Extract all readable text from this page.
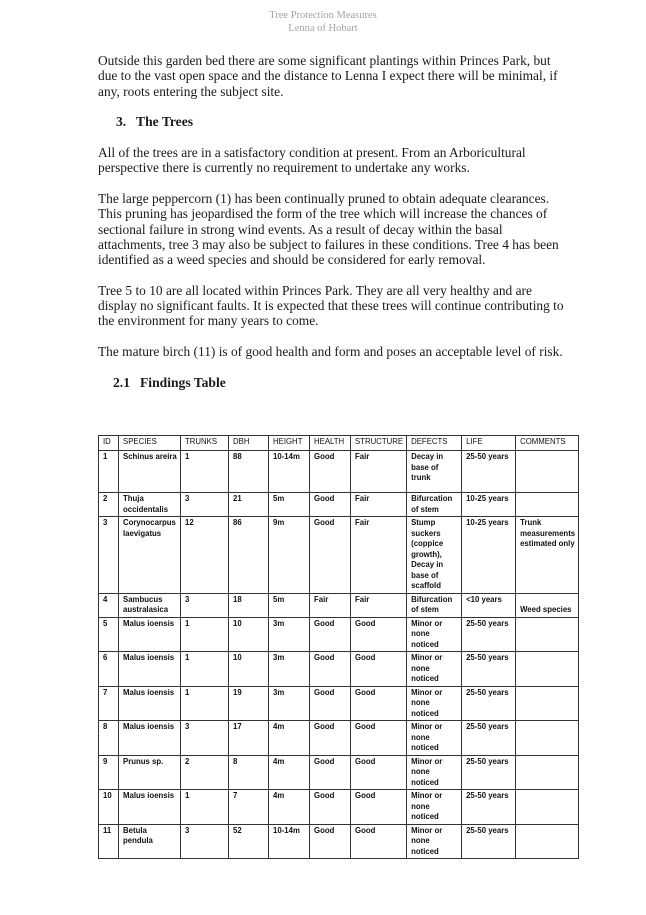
Tree Protection Measures
Lenna of Hobart

Outside this garden bed there are some significant plantings within Princes Park, but due to the vast open space and the distance to Lenna I expect there will be minimal, if any, roots entering the subject site.

3. The Trees

All of the trees are in a satisfactory condition at present. From an Arboricultural perspective there is currently no requirement to undertake any works.

The large peppercorn (1) has been continually pruned to obtain adequate clearances. This pruning has jeopardised the form of the tree which will increase the chances of sectional failure in strong wind events. As a result of decay within the basal attachments, tree 3 may also be subject to failures in these conditions. Tree 4 has been identified as a weed species and should be considered for early removal.

Tree 5 to 10 are all located within Princes Park. They are all very healthy and are display no significant faults. It is expected that these trees will continue contributing to the environment for many years to come.

The mature birch (11) is of good health and form and poses an acceptable level of risk.

2.1 Findings Table
ID	SPECIES	TRUNKS	DBH	HEIGHT	HEALTH	STRUCTURE	DEFECTS	LIFE	COMMENTS
1	Schinus areira	1	88	10-14m	Good	Fair	Decay in base of trunk	25-50 years	
2	Thuja occidentalis	3	21	5m	Good	Fair	Bifurcation of stem	10-25 years	
3	Corynocarpus laevigatus	12	86	9m	Good	Fair	Stump suckers (coppice growth), Decay in base of scaffold	10-25 years	Trunk measurements estimated only
4	Sambucus australasica	3	18	5m	Fair	Fair	Bifurcation of stem	<10 years	Weed species
5	Malus ioensis	1	10	3m	Good	Good	Minor or none noticed	25-50 years	
6	Malus ioensis	1	10	3m	Good	Good	Minor or none noticed	25-50 years	
7	Malus ioensis	1	19	3m	Good	Good	Minor or none noticed	25-50 years	
8	Malus ioensis	3	17	4m	Good	Good	Minor or none noticed	25-50 years	
9	Prunus sp.	2	8	4m	Good	Good	Minor or none noticed	25-50 years	
10	Malus ioensis	1	7	4m	Good	Good	Minor or none noticed	25-50 years	
11	Betula pendula	3	52	10-14m	Good	Good	Minor or none noticed	25-50 years	
